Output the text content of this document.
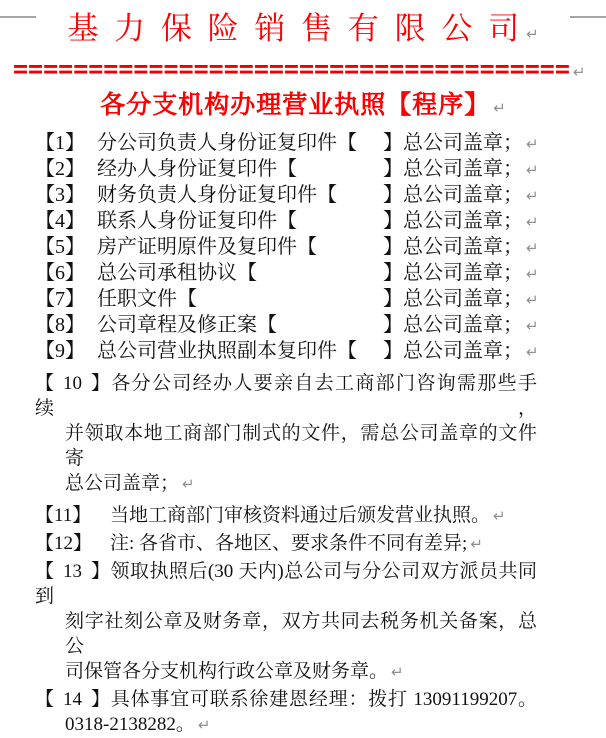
基 力 保 险 销 售 有 限 公 司 ↵
===================================== ↵
各分支机构办理营业执照【程序】 ↵
【1】 分公司负责人身份证复印件【 】总公司盖章； ↵
【2】 经办人身份证复印件【	】总公司盖章； ↵
【3】 财务负责人身份证复印件【 】总公司盖章； ↵
【4】 联系人身份证复印件【	】总公司盖章； ↵
【5】 房产证明原件及复印件【	】总公司盖章； ↵
【6】 总公司承租协议【	】总公司盖章； ↵
【7】 任职文件【	】总公司盖章； ↵
【8】 公司章程及修正案【	】总公司盖章； ↵
【9】 总公司营业执照副本复印件【 】总公司盖章； ↵
【10】各分公司经办人要亲自去工商部门咨询需那些手续，
并领取本地工商部门制式的文件，需总公司盖章的文件寄
总公司盖章； ↵
【11】 当地工商部门审核资料通过后颁发营业执照。 ↵
【12】 注: 各省市、各地区、要求条件不同有差异; ↵
【13】领取执照后(30 天内)总公司与分公司双方派员共同到
刻字社刻公章及财务章，双方共同去税务机关备案，总公
司保管各分支机构行政公章及财务章。 ↵
【14】具体事宜可联系徐建恩经理：拨打 13091199207。
0318-2138282。 ↵
